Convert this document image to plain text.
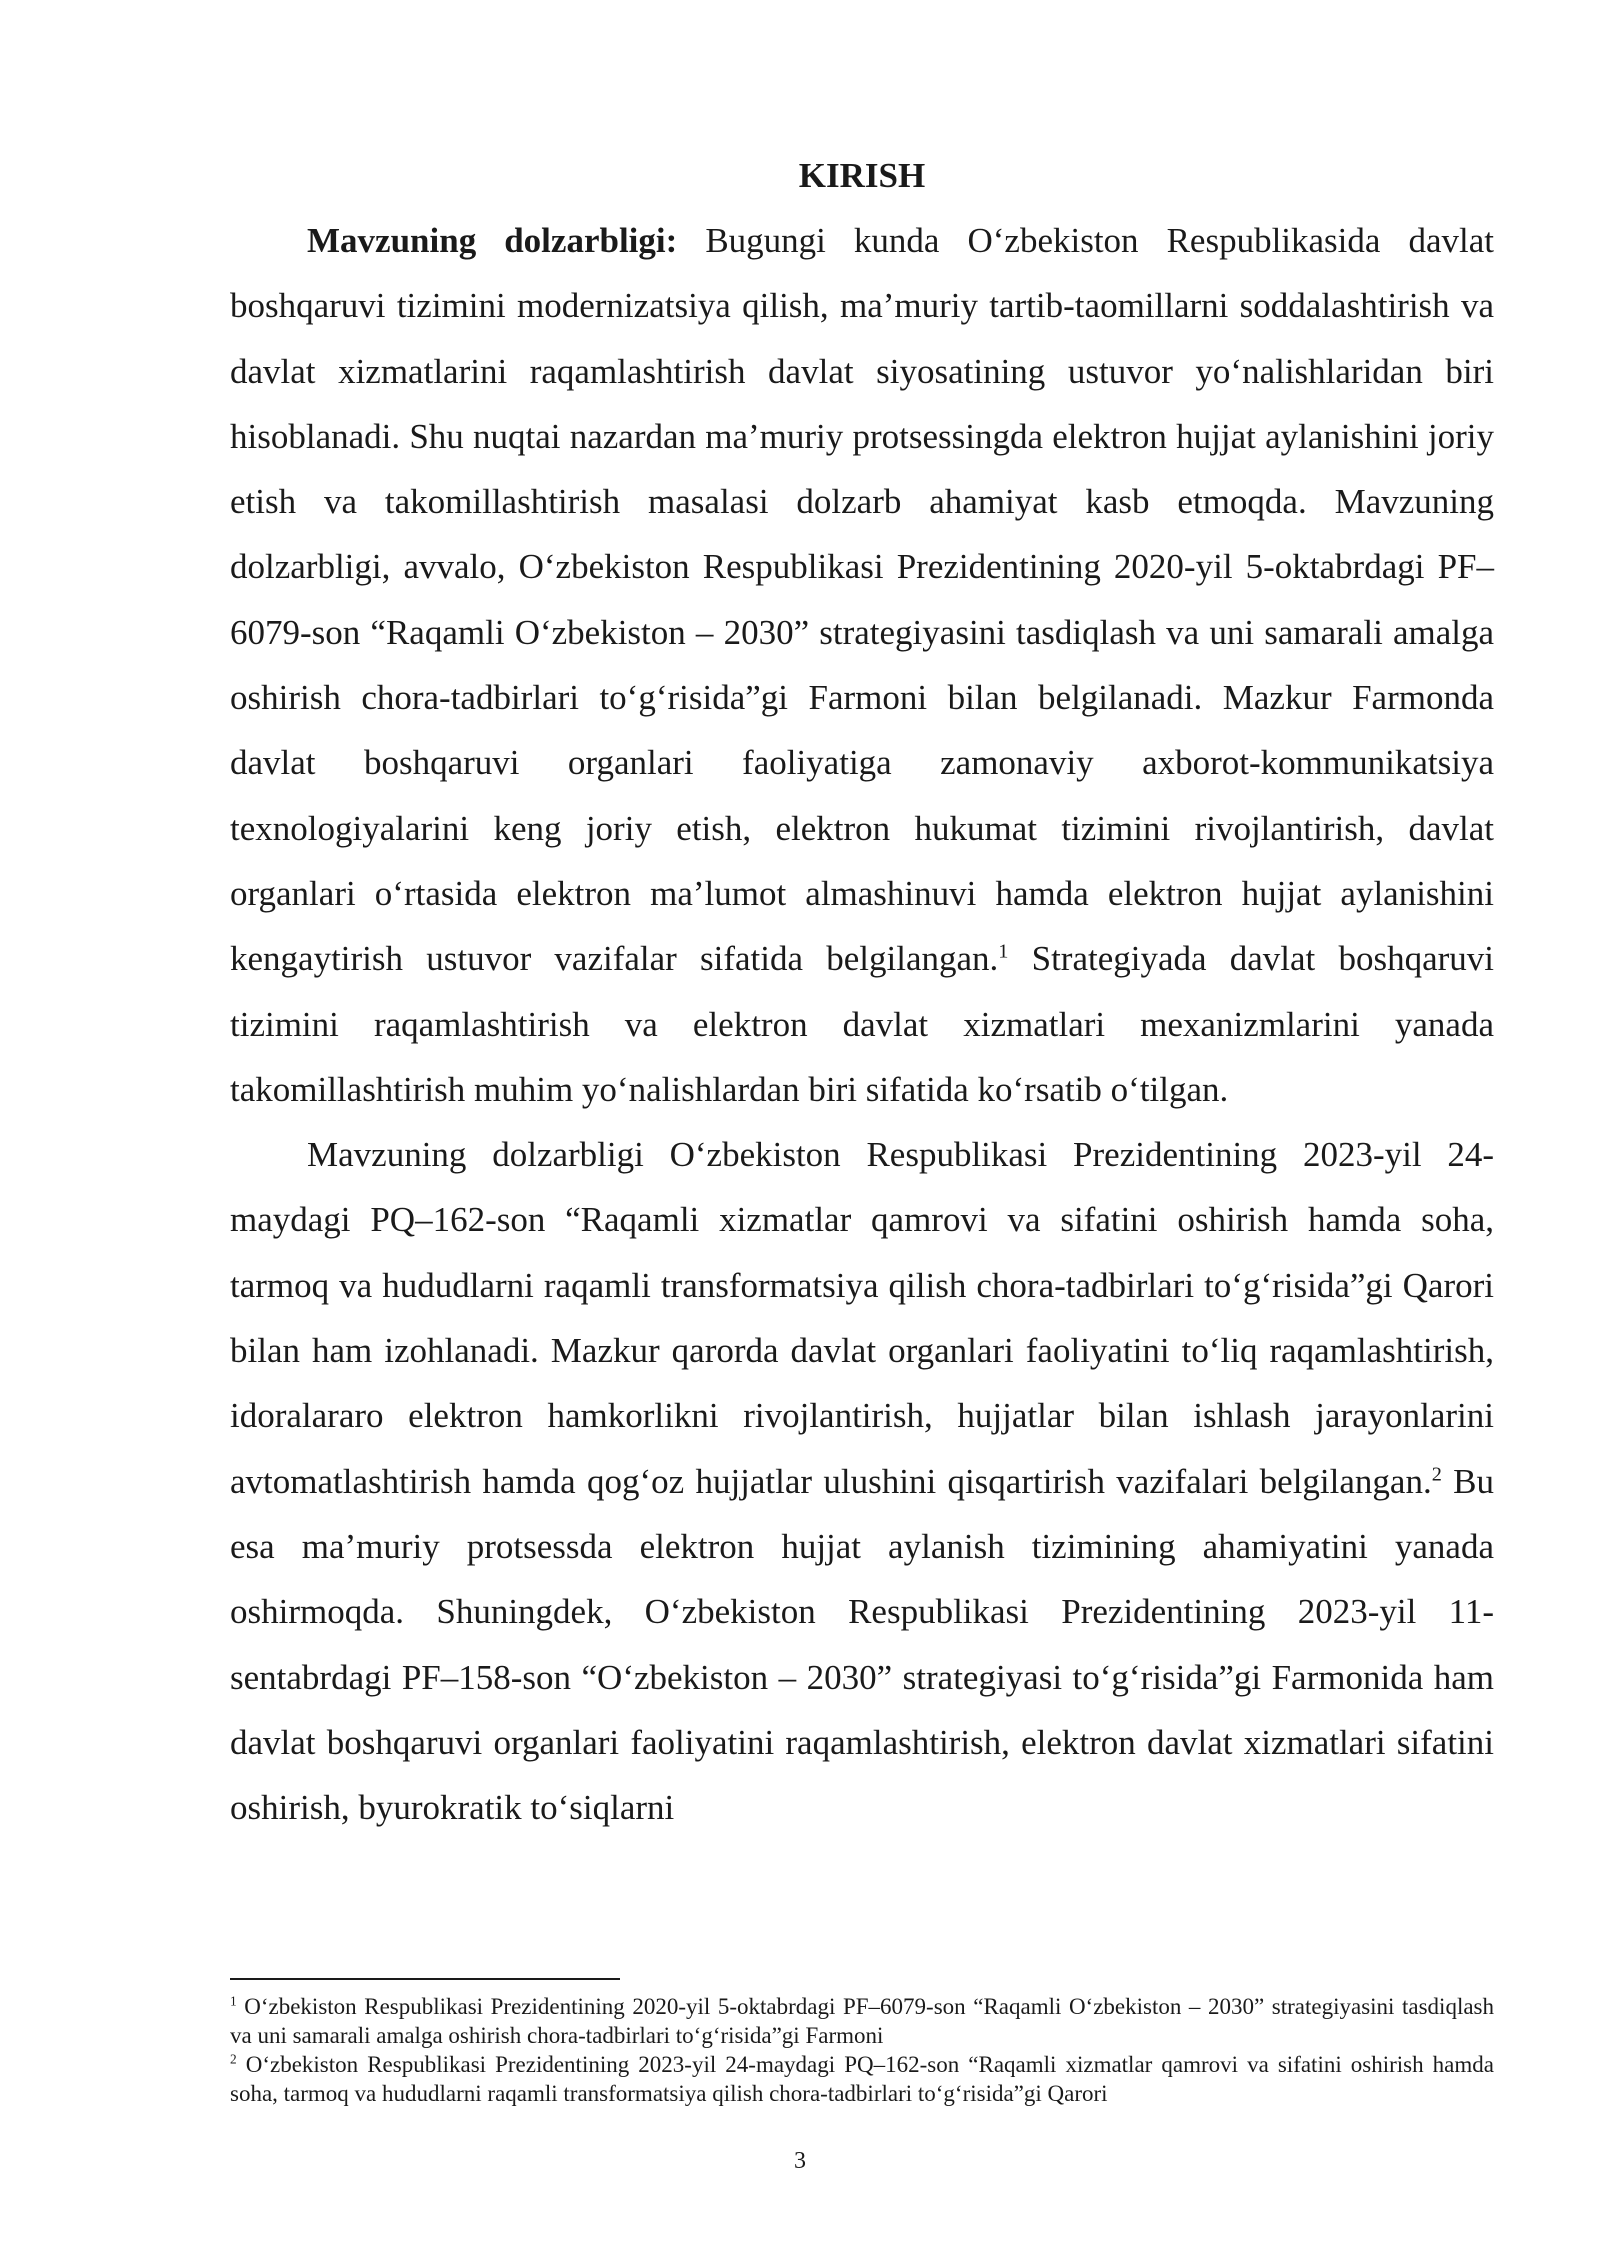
KIRISH

Mavzuning dolzarbligi: Bugungi kunda O‘zbekiston Respublikasida davlat boshqaruvi tizimini modernizatsiya qilish, ma’muriy tartib-taomillarni soddalashtirish va davlat xizmatlarini raqamlashtirish davlat siyosatining ustuvor yo‘nalishlaridan biri hisoblanadi. Shu nuqtai nazardan ma’muriy protsessingda elektron hujjat aylanishini joriy etish va takomillashtirish masalasi dolzarb ahamiyat kasb etmoqda. Mavzuning dolzarbligi, avvalo, O‘zbekiston Respublikasi Prezidentining 2020-yil 5-oktabrdagi PF–6079-son “Raqamli O‘zbekiston – 2030” strategiyasini tasdiqlash va uni samarali amalga oshirish chora-tadbirlari to‘g‘risida”gi Farmoni bilan belgilanadi. Mazkur Farmonda davlat boshqaruvi organlari faoliyatiga zamonaviy axborot-kommunikatsiya texnologiyalarini keng joriy etish, elektron hukumat tizimini rivojlantirish, davlat organlari o‘rtasida elektron ma’lumot almashinuvi hamda elektron hujjat aylanishini kengaytirish ustuvor vazifalar sifatida belgilangan.$^1$ Strategiyada davlat boshqaruvi tizimini raqamlashtirish va elektron davlat xizmatlari mexanizmlarini yanada takomillashtirish muhim yo‘nalishlardan biri sifatida ko‘rsatib o‘tilgan.

Mavzuning dolzarbligi O‘zbekiston Respublikasi Prezidentining 2023-yil 24-maydagi PQ–162-son “Raqamli xizmatlar qamrovi va sifatini oshirish hamda soha, tarmoq va hududlarni raqamli transformatsiya qilish chora-tadbirlari to‘g‘risida”gi Qarori bilan ham izohlanadi. Mazkur qarorda davlat organlari faoliyatini to‘liq raqamlashtirish, idoralararo elektron hamkorlikni rivojlantirish, hujjatlar bilan ishlash jarayonlarini avtomatlashtirish hamda qog‘oz hujjatlar ulushini qisqartirish vazifalari belgilangan.$^2$ Bu esa ma’muriy protsessda elektron hujjat aylanish tizimining ahamiyatini yanada oshirmoqda. Shuningdek, O‘zbekiston Respublikasi Prezidentining 2023-yil 11-sentabrdagi PF–158-son “O‘zbekiston – 2030” strategiyasi to‘g‘risida”gi Farmonida ham davlat boshqaruvi organlari faoliyatini raqamlashtirish, elektron davlat xizmatlari sifatini oshirish, byurokratik to‘siqlarni

$^1$ O‘zbekiston Respublikasi Prezidentining 2020-yil 5-oktabrdagi PF–6079-son “Raqamli O‘zbekiston – 2030” strategiyasini tasdiqlash va uni samarali amalga oshirish chora-tadbirlari to‘g‘risida”gi Farmoni

$^2$ O‘zbekiston Respublikasi Prezidentining 2023-yil 24-maydagi PQ–162-son “Raqamli xizmatlar qamrovi va sifatini oshirish hamda soha, tarmoq va hududlarni raqamli transformatsiya qilish chora-tadbirlari to‘g‘risida”gi Qarori

3
